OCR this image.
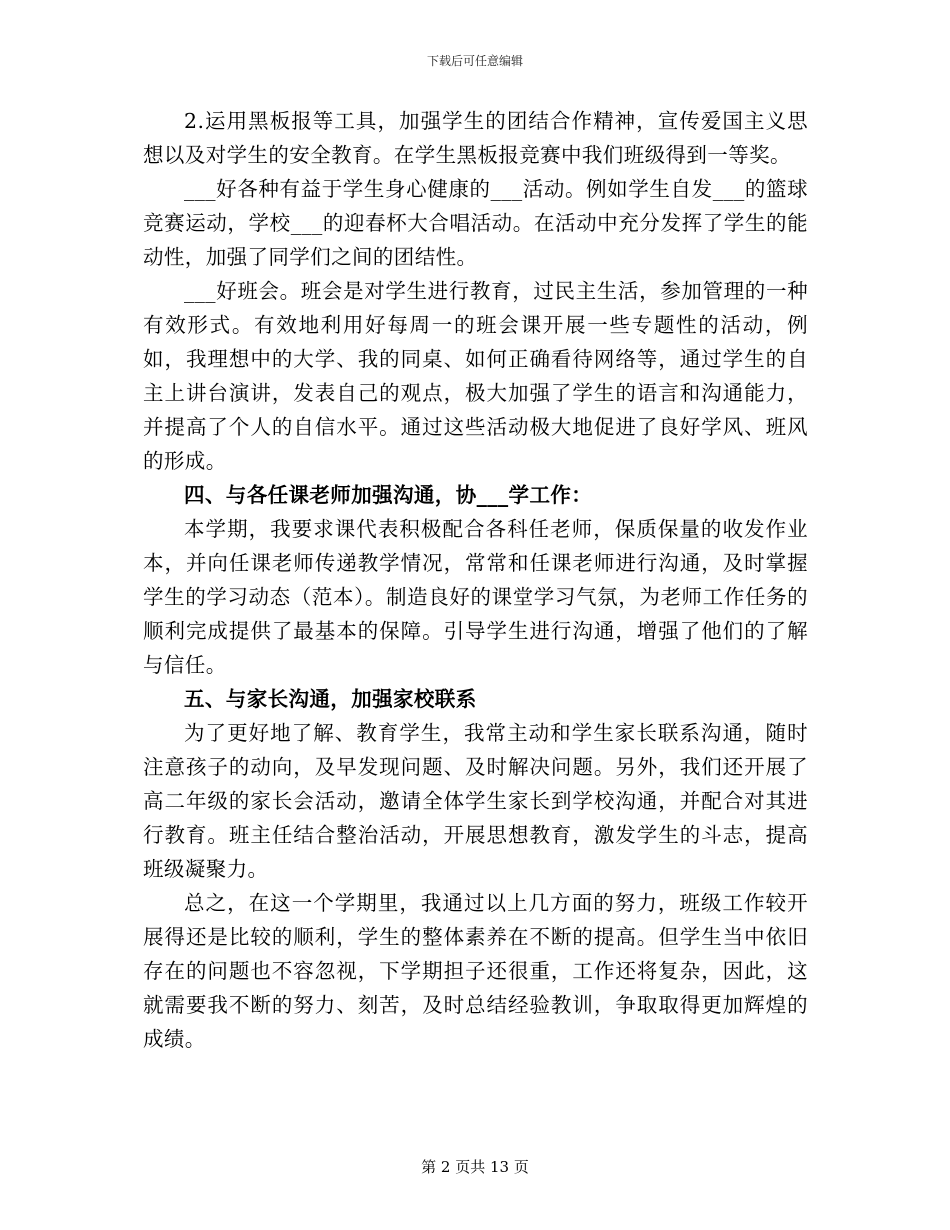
下载后可任意编辑

2.运用黑板报等工具，加强学生的团结合作精神，宣传爱国主义思想以及对学生的安全教育。在学生黑板报竞赛中我们班级得到一等奖。

___好各种有益于学生身心健康的___活动。例如学生自发___的篮球竞赛运动，学校___的迎春杯大合唱活动。在活动中充分发挥了学生的能动性，加强了同学们之间的团结性。

___好班会。班会是对学生进行教育，过民主生活，参加管理的一种有效形式。有效地利用好每周一的班会课开展一些专题性的活动，例如，我理想中的大学、我的同桌、如何正确看待网络等，通过学生的自主上讲台演讲，发表自己的观点，极大加强了学生的语言和沟通能力，并提高了个人的自信水平。通过这些活动极大地促进了良好学风、班风的形成。

四、与各任课老师加强沟通，协___学工作：

本学期，我要求课代表积极配合各科任老师，保质保量的收发作业本，并向任课老师传递教学情况，常常和任课老师进行沟通，及时掌握学生的学习动态（范本）。制造良好的课堂学习气氛，为老师工作任务的顺利完成提供了最基本的保障。引导学生进行沟通，增强了他们的了解与信任。

五、与家长沟通，加强家校联系

为了更好地了解、教育学生，我常主动和学生家长联系沟通，随时注意孩子的动向，及早发现问题、及时解决问题。另外，我们还开展了高二年级的家长会活动，邀请全体学生家长到学校沟通，并配合对其进行教育。班主任结合整治活动，开展思想教育，激发学生的斗志，提高班级凝聚力。

总之，在这一个学期里，我通过以上几方面的努力，班级工作较开展得还是比较的顺利，学生的整体素养在不断的提高。但学生当中依旧存在的问题也不容忽视，下学期担子还很重，工作还将复杂，因此，这就需要我不断的努力、刻苦，及时总结经验教训，争取取得更加辉煌的成绩。

第 2 页共 13 页
